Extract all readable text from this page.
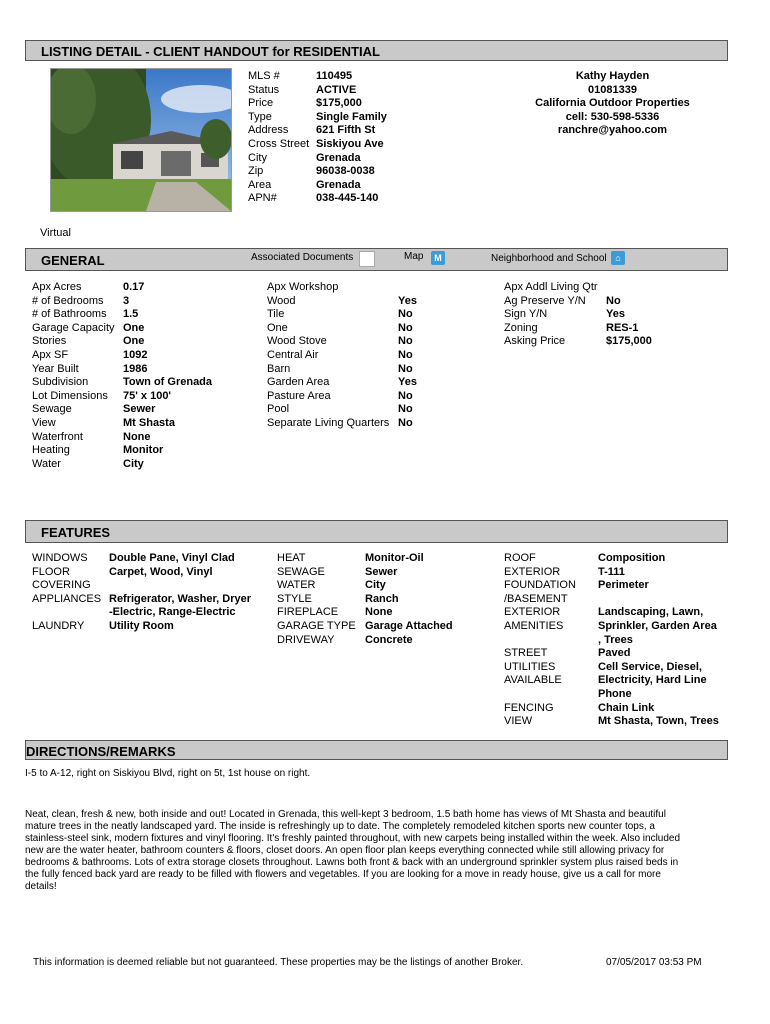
LISTING DETAIL - CLIENT HANDOUT for RESIDENTIAL
Virtual
MLS #	110495
Status	ACTIVE
Price	$175,000
Type	Single Family
Address	621 Fifth St
Cross Street Siskiyou Ave
City	Grenada
Zip	96038-0038
Area	Grenada
APN#	038-445-140
Kathy Hayden
01081339
California Outdoor Properties
cell: 530-598-5336
ranchre@yahoo.com
GENERAL	Associated Documents	Map	M	Neighborhood and School ⌂
Apx Acres	0.17
# of Bedrooms	3
# of Bathrooms	1.5
Garage Capacity One
Stories	One
Apx SF	1092
Year Built	1986
Subdivision	Town of Grenada
Lot Dimensions	75' x 100'
Sewage	Sewer
View	Mt Shasta
Waterfront	None
Heating	Monitor
Water	City
Apx Workshop
Wood	Yes
Tile	No
One	No
Wood Stove	No
Central Air	No
Barn	No
Garden Area	Yes
Pasture Area	No
Pool	No
Separate Living Quarters No
Apx Addl Living Qtr
Ag Preserve Y/N	No
Sign Y/N	Yes
Zoning	RES-1
Asking Price	$175,000
FEATURES
WINDOWS	Double Pane, Vinyl Clad
FLOOR	Carpet, Wood, Vinyl
COVERING
APPLIANCES Refrigerator, Washer, Dryer
-Electric, Range-Electric
LAUNDRY	Utility Room
HEAT	Monitor-Oil
SEWAGE	Sewer
WATER	City
STYLE	Ranch
FIREPLACE	None
GARAGE TYPE Garage Attached
DRIVEWAY	Concrete
ROOF	Composition
EXTERIOR	T-111
FOUNDATION	Perimeter
/BASEMENT
EXTERIOR	Landscaping, Lawn,
AMENITIES	Sprinkler, Garden Area
, Trees
STREET	Paved
UTILITIES	Cell Service, Diesel,
AVAILABLE	Electricity, Hard Line
Phone
FENCING	Chain Link
VIEW	Mt Shasta, Town, Trees
DIRECTIONS/REMARKS
I-5 to A-12, right on Siskiyou Blvd, right on 5t, 1st house on right.
Neat, clean, fresh & new, both inside and out! Located in Grenada, this well-kept 3 bedroom, 1.5 bath home has views of Mt Shasta and beautiful
mature trees in the neatly landscaped yard. The inside is refreshingly up to date. The completely remodeled kitchen sports new counter tops, a
stainless-steel sink, modern fixtures and vinyl flooring. It's freshly painted throughout, with new carpets being installed within the week. Also included
new are the water heater, bathroom counters & floors, closet doors. An open floor plan keeps everything connected while still allowing privacy for
bedrooms & bathrooms. Lots of extra storage closets throughout. Lawns both front & back with an underground sprinkler system plus raised beds in
the fully fenced back yard are ready to be filled with flowers and vegetables. If you are looking for a move in ready house, give us a call for more
details!
This information is deemed reliable but not guaranteed. These properties may be the listings of another Broker.	07/05/2017 03:53 PM
